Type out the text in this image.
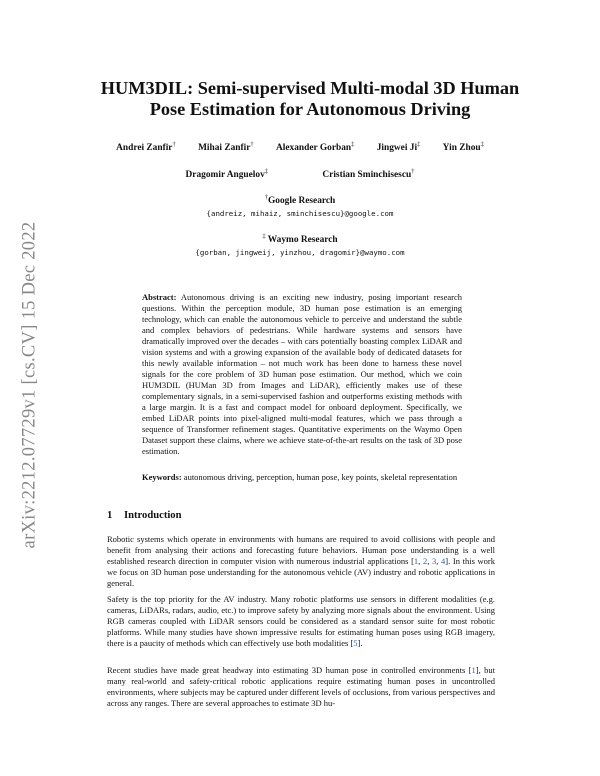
arXiv:2212.07729v1 [cs.CV] 15 Dec 2022
HUM3DIL: Semi-supervised Multi-modal 3D Human
Pose Estimation for Autonomous Driving
Andrei Zanfir† Mihai Zanfir† Alexander Gorban‡ Jingwei Ji‡ Yin Zhou‡
Dragomir Anguelov‡	Cristian Sminchisescu†
†Google Research
{andreiz, mihaiz, sminchisescu}@google.com
‡ Waymo Research
{gorban, jingweij, yinzhou, dragomir}@waymo.com
Abstract: Autonomous driving is an exciting new industry, posing important research questions. Within the perception module, 3D human pose estimation is an emerging technology, which can enable the autonomous vehicle to perceive and understand the subtle and complex behaviors of pedestrians. While hardware systems and sensors have dramatically improved over the decades – with cars potentially boasting complex LiDAR and vision systems and with a growing expansion of the available body of dedicated datasets for this newly available information – not much work has been done to harness these novel signals for the core problem of 3D human pose estimation. Our method, which we coin HUM3DIL (HUMan 3D from Images and LiDAR), efficiently makes use of these complementary signals, in a semi-supervised fashion and outperforms existing methods with a large margin. It is a fast and compact model for onboard deployment. Specifically, we embed LiDAR points into pixel-aligned multi-modal features, which we pass through a sequence of Transformer refinement stages. Quantitative experiments on the Waymo Open Dataset support these claims, where we achieve state-of-the-art results on the task of 3D pose estimation.
Keywords: autonomous driving, perception, human pose, key points, skeletal representation
1 Introduction

Robotic systems which operate in environments with humans are required to avoid collisions with people and benefit from analysing their actions and forecasting future behaviors. Human pose understanding is a well established research direction in computer vision with numerous industrial applications [1, 2, 3, 4]. In this work we focus on 3D human pose understanding for the autonomous vehicle (AV) industry and robotic applications in general.

Safety is the top priority for the AV industry. Many robotic platforms use sensors in different modalities (e.g. cameras, LiDARs, radars, audio, etc.) to improve safety by analyzing more signals about the environment. Using RGB cameras coupled with LiDAR sensors could be considered as a standard sensor suite for most robotic platforms. While many studies have shown impressive results for estimating human poses using RGB imagery, there is a paucity of methods which can effectively use both modalities [5].

Recent studies have made great headway into estimating 3D human pose in controlled environments [1], but many real-world and safety-critical robotic applications require estimating human poses in uncontrolled environments, where subjects may be captured under different levels of occlusions, from various perspectives and across any ranges. There are several approaches to estimate 3D hu-
